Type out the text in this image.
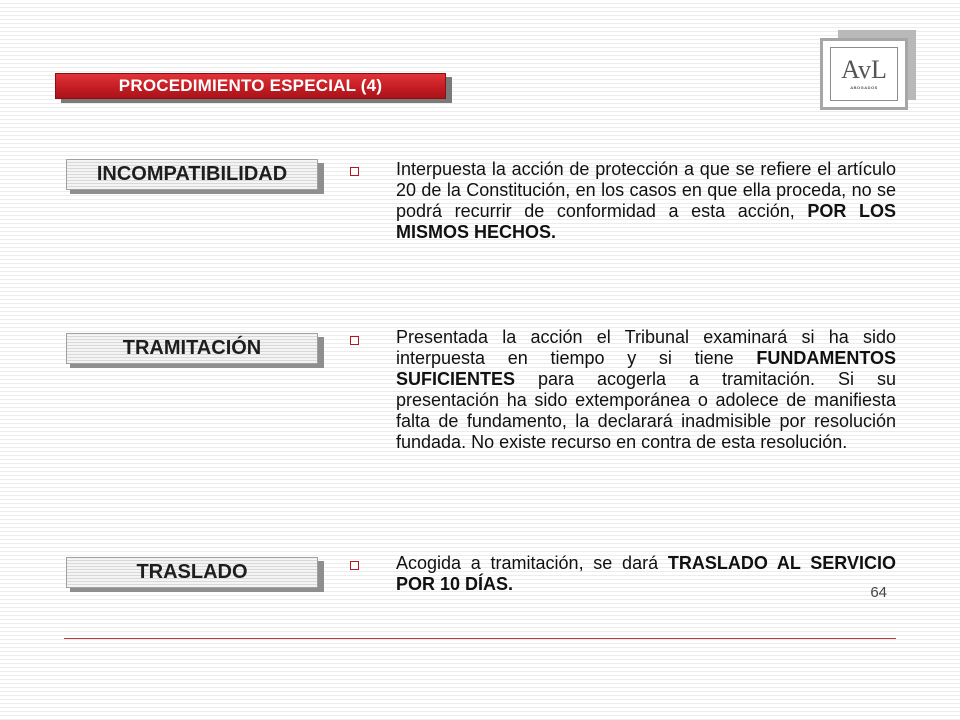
PROCEDIMIENTO ESPECIAL (4)
AvL
ABOGADOS
INCOMPATIBILIDAD	Interpuesta la acción de protección a que se refiere el artículo 20 de la Constitución, en los casos en que ella proceda, no se podrá recurrir de conformidad a esta acción, POR LOS MISMOS HECHOS.

TRAMITACIÓN	Presentada la acción el Tribunal examinará si ha sido interpuesta en tiempo y si tiene FUNDAMENTOS SUFICIENTES para acogerla a tramitación. Si su presentación ha sido extemporánea o adolece de manifiesta falta de fundamento, la declarará inadmisible por resolución fundada. No existe recurso en contra de esta resolución.

TRASLADO	Acogida a tramitación, se dará TRASLADO AL SERVICIO POR 10 DÍAS.	64
